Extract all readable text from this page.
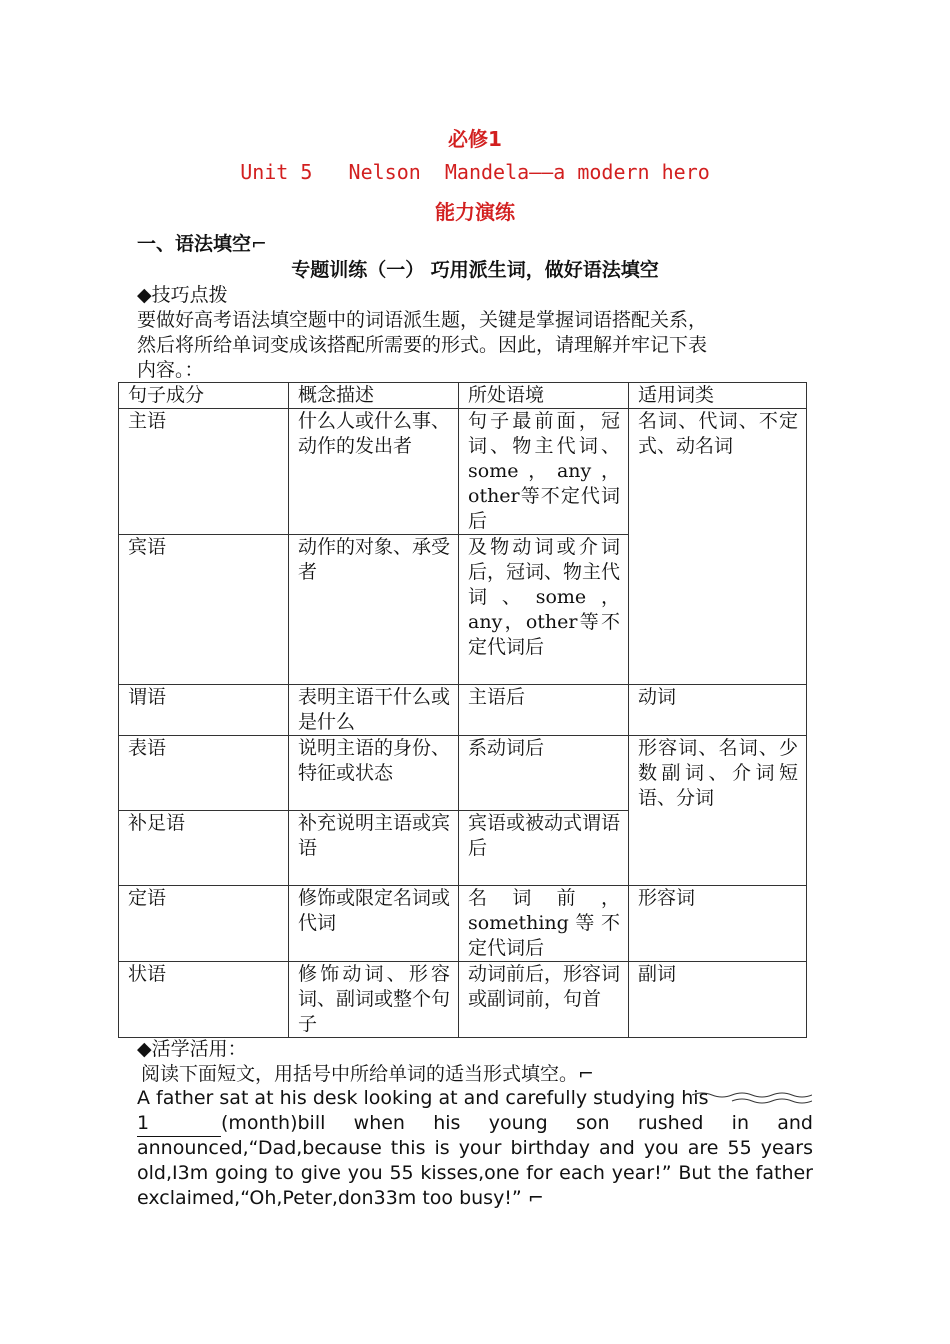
必修1
Unit 5   Nelson  Mandela——a modern hero
能力演练
一、语法填空⌐
专题训练（一） 巧用派生词，做好语法填空
◆技巧点拨
要做好高考语法填空题中的词语派生题，关键是掌握词语搭配关系，
然后将所给单词变成该搭配所需要的形式。因此，请理解并牢记下表
内容。：
句子成分	概念描述	所处语境	适用词类
主语	什么人或什么事、动作的发出者	句子最前面，冠词、物主代词、some，any，other等不定代词后	名词、代词、不定式、动名词
宾语	动作的对象、承受者	及物动词或介词后，冠词、物主代词、some，any，other等不定代词后	
谓语	表明主语干什么或是什么	主语后	动词
表语	说明主语的身份、特征或状态	系动词后	形容词、名词、少数副词、介词短语、分词
补足语	补充说明主语或宾语	宾语或被动式谓语后	
定语	修饰或限定名词或代词	名词前，something等不定代词后	形容词
状语	修饰动词、形容词、副词或整个句子	动词前后，形容词或副词前，句首	副词
◆活学活用：
阅读下面短文，用括号中所给单词的适当形式填空。⌐
A father sat at his desk looking at and carefully studying his
1	(month)bill when his young son rushed in and
announced,“Dad,because this is your birthday and you are 55 years
old,I3m going to give you 55 kisses,one for each year!” But the father
exclaimed,“Oh,Peter,don33m too busy!” ⌐
